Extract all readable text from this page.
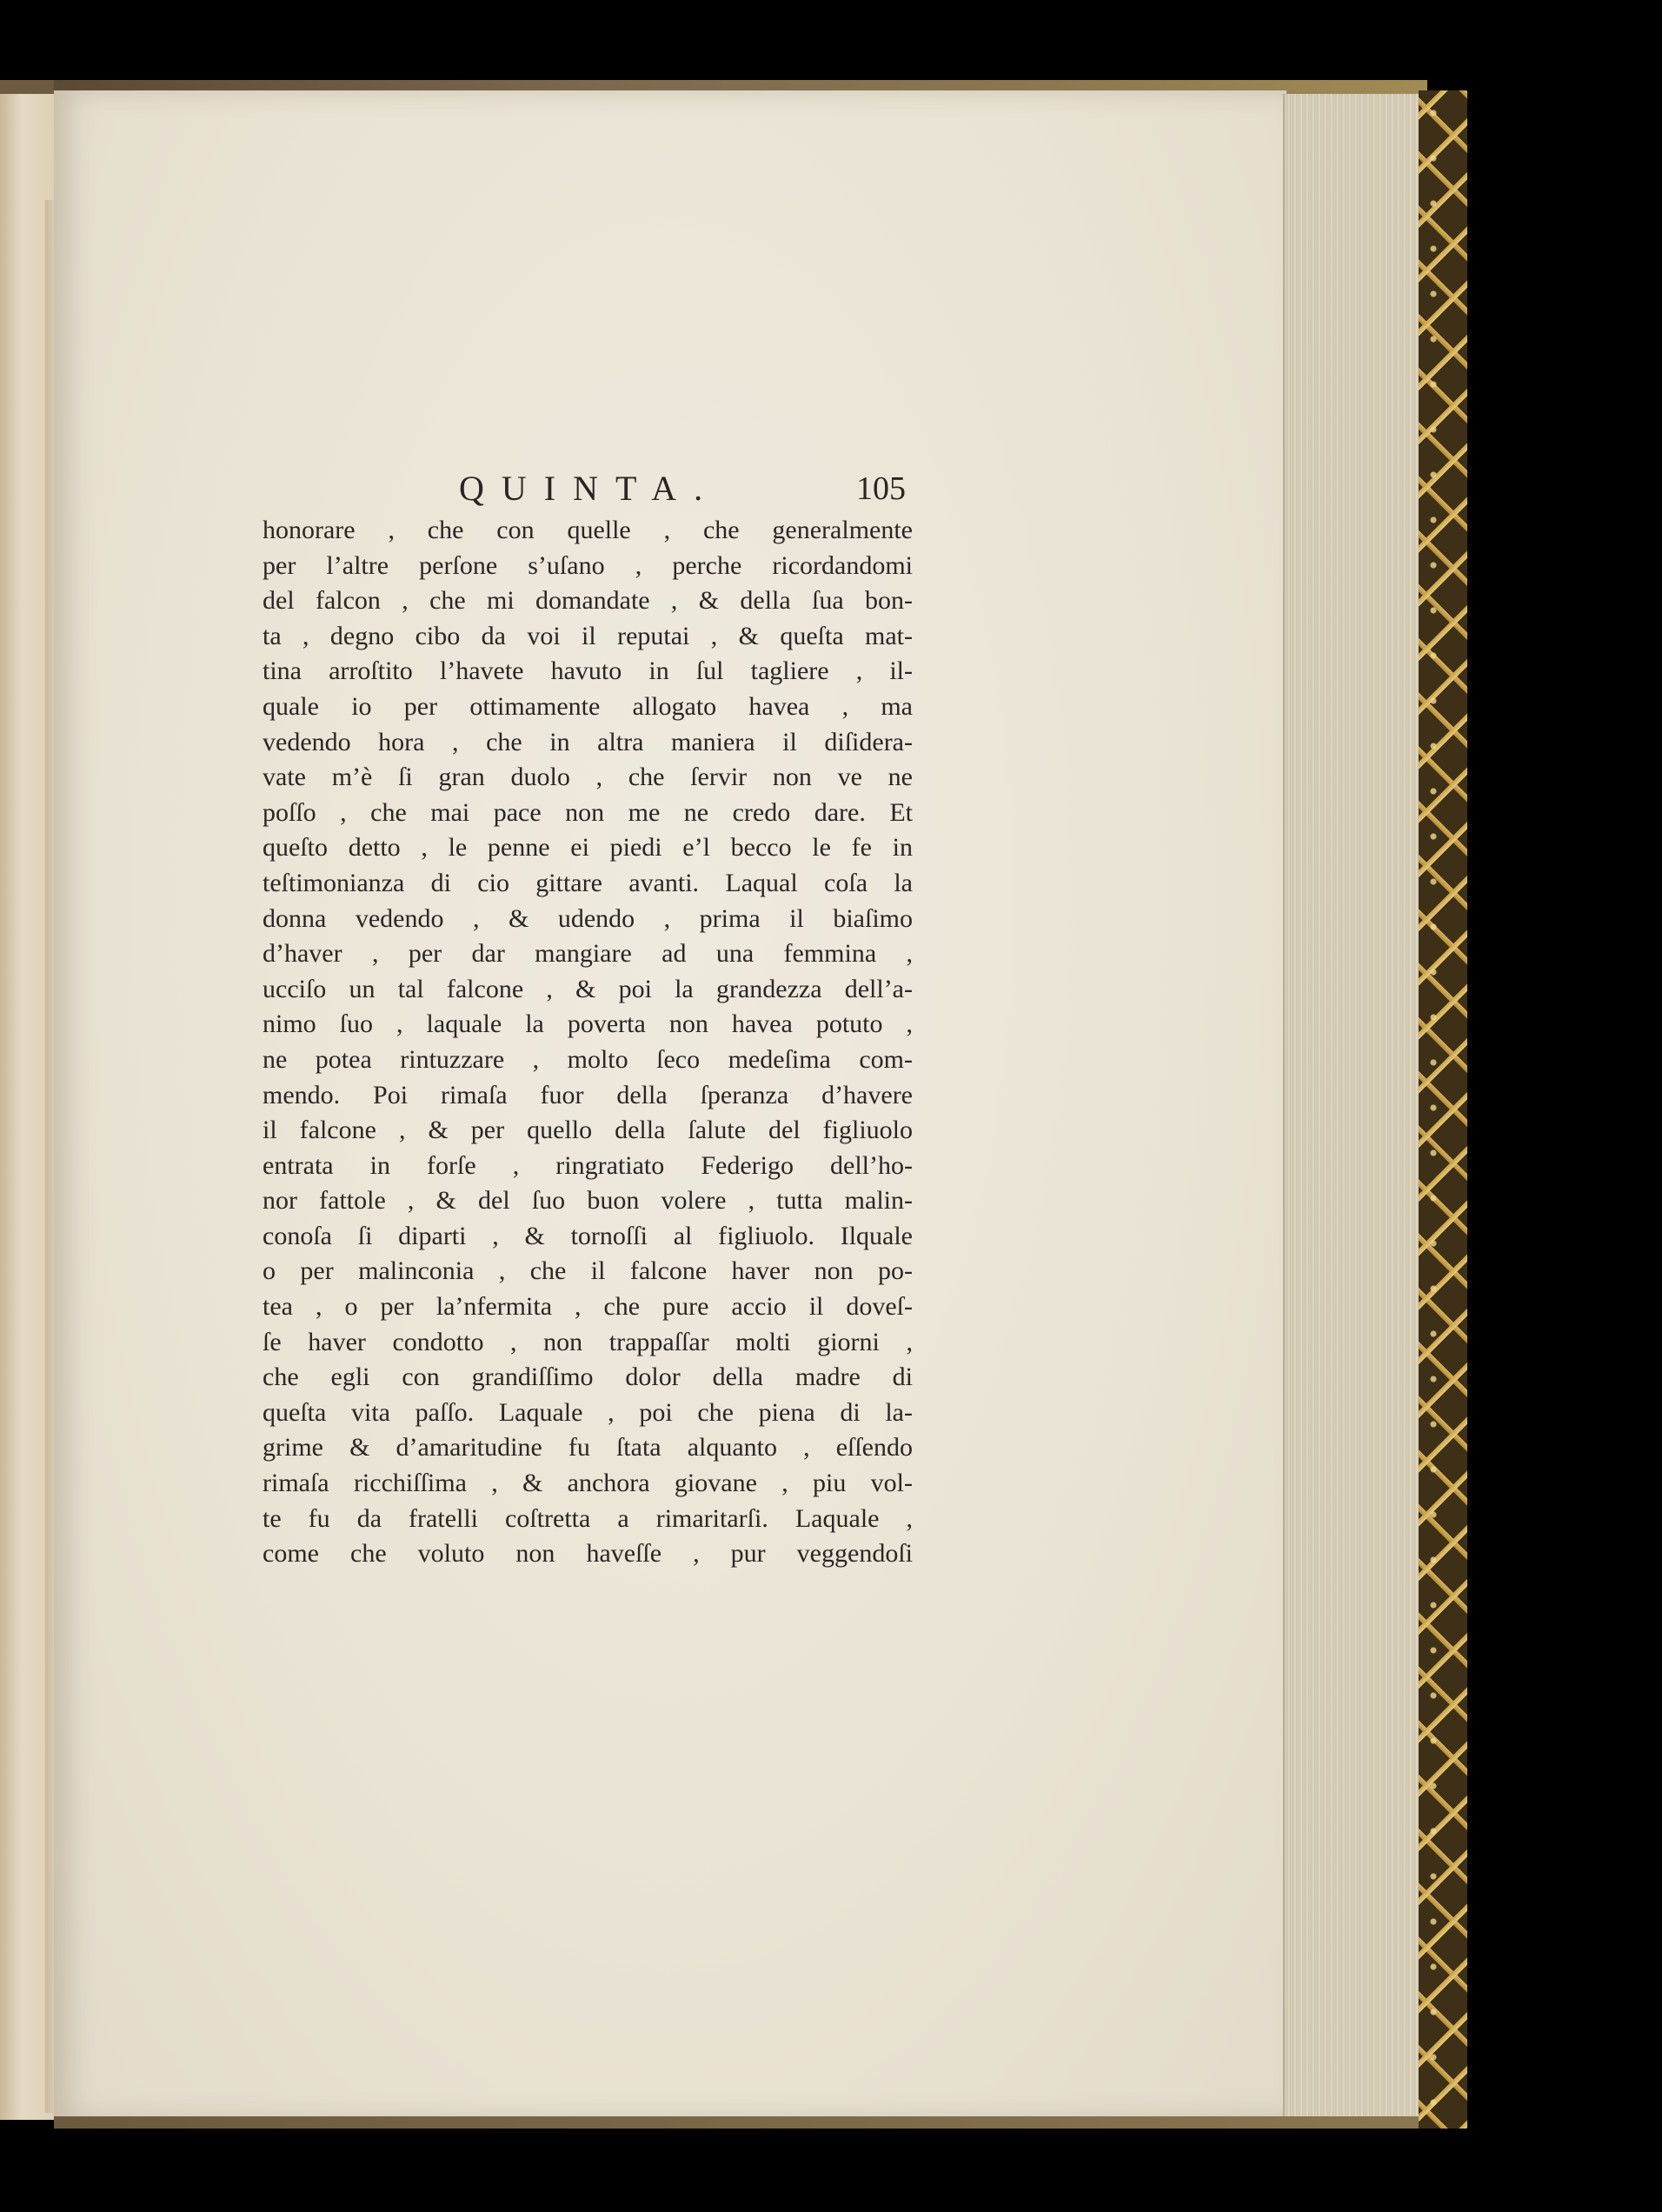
QUINTA.	105
honorare , che con quelle , che generalmente
per l’altre perſone s’uſano , perche ricordandomi
del falcon , che mi domandate , & della ſua bon-
ta , degno cibo da voi il reputai , & queſta mat-
tina arroſtito l’havete havuto in ſul tagliere , il-
quale io per ottimamente allogato havea , ma
vedendo hora , che in altra maniera il diſidera-
vate m’è ſi gran duolo , che ſervir non ve ne
poſſo , che mai pace non me ne credo dare. Et
queſto detto , le penne ei piedi e’l becco le fe in
teſtimonianza di cio gittare avanti. Laqual coſa la
donna vedendo , & udendo , prima il biaſimo
d’haver , per dar mangiare ad una femmina ,
ucciſo un tal falcone , & poi la grandezza dell’a-
nimo ſuo , laquale la poverta non havea potuto ,
ne potea rintuzzare , molto ſeco medeſima com-
mendo. Poi rimaſa fuor della ſperanza d’havere
il falcone , & per quello della ſalute del figliuolo
entrata in forſe , ringratiato Federigo dell’ho-
nor fattole , & del ſuo buon volere , tutta malin-
conoſa ſi diparti , & tornoſſi al figliuolo. Ilquale
o per malinconia , che il falcone haver non po-
tea , o per la’nfermita , che pure accio il doveſ-
ſe haver condotto , non trappaſſar molti giorni ,
che egli con grandiſſimo dolor della madre di
queſta vita paſſo. Laquale , poi che piena di la-
grime & d’amaritudine fu ſtata alquanto , eſſendo
rimaſa ricchiſſima , & anchora giovane , piu vol-
te fu da fratelli coſtretta a rimaritarſi. Laquale ,
come che voluto non haveſſe , pur veggendoſi
